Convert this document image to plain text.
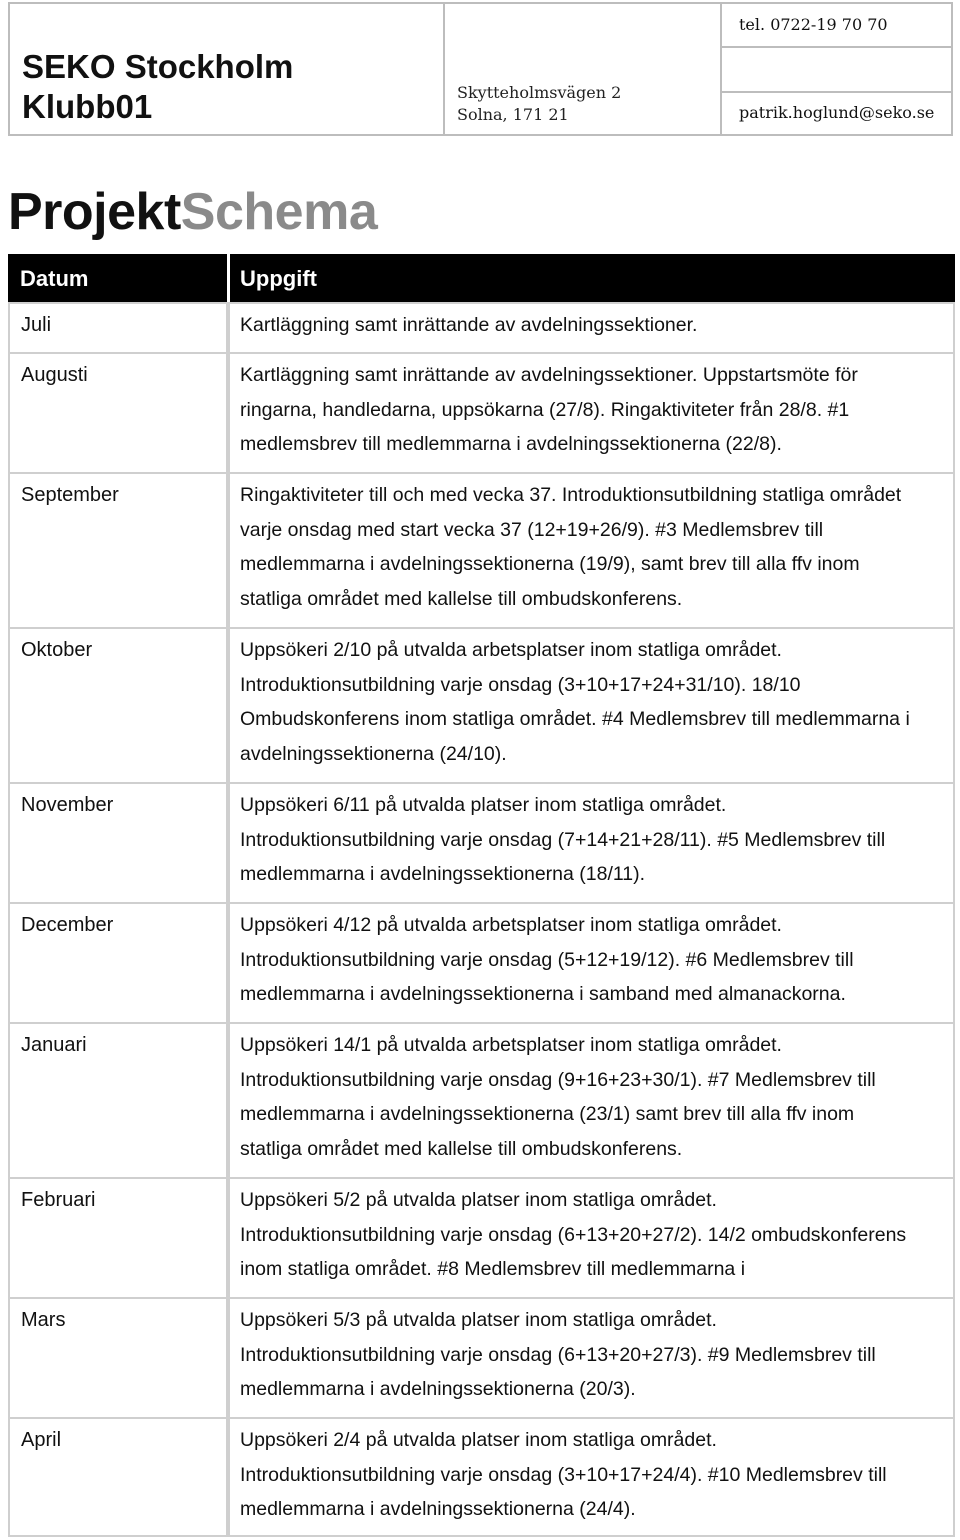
SEKO Stockholm
Klubb01	Skytteholmsvägen 2
Solna, 171 21
tel. 0722-19 70 70
patrik.hoglund@seko.se
ProjektSchema
Datum	Uppgift
Juli	Kartläggning samt inrättande av avdelningssektioner.
Augusti	Kartläggning samt inrättande av avdelningssektioner. Uppstartsmöte för
ringarna, handledarna, uppsökarna (27/8). Ringaktiviteter från 28/8. #1
medlemsbrev till medlemmarna i avdelningssektionerna (22/8).
September	Ringaktiviteter till och med vecka 37. Introduktionsutbildning statliga området
varje onsdag med start vecka 37 (12+19+26/9). #3 Medlemsbrev till
medlemmarna i avdelningssektionerna (19/9), samt brev till alla ffv inom
statliga området med kallelse till ombudskonferens.
Oktober	Uppsökeri 2/10 på utvalda arbetsplatser inom statliga området.
Introduktionsutbildning varje onsdag (3+10+17+24+31/10). 18/10
Ombudskonferens inom statliga området. #4 Medlemsbrev till medlemmarna i
avdelningssektionerna (24/10).
November	Uppsökeri 6/11 på utvalda platser inom statliga området.
Introduktionsutbildning varje onsdag (7+14+21+28/11). #5 Medlemsbrev till
medlemmarna i avdelningssektionerna (18/11).
December	Uppsökeri 4/12 på utvalda arbetsplatser inom statliga området.
Introduktionsutbildning varje onsdag (5+12+19/12). #6 Medlemsbrev till
medlemmarna i avdelningssektionerna i samband med almanackorna.
Januari	Uppsökeri 14/1 på utvalda arbetsplatser inom statliga området.
Introduktionsutbildning varje onsdag (9+16+23+30/1). #7 Medlemsbrev till
medlemmarna i avdelningssektionerna (23/1) samt brev till alla ffv inom
statliga området med kallelse till ombudskonferens.
Februari	Uppsökeri 5/2 på utvalda platser inom statliga området.
Introduktionsutbildning varje onsdag (6+13+20+27/2). 14/2 ombudskonferens
inom statliga området. #8 Medlemsbrev till medlemmarna i
Mars	Uppsökeri 5/3 på utvalda platser inom statliga området.
Introduktionsutbildning varje onsdag (6+13+20+27/3). #9 Medlemsbrev till
medlemmarna i avdelningssektionerna (20/3).
April	Uppsökeri 2/4 på utvalda platser inom statliga området.
Introduktionsutbildning varje onsdag (3+10+17+24/4). #10 Medlemsbrev till
medlemmarna i avdelningssektionerna (24/4).
